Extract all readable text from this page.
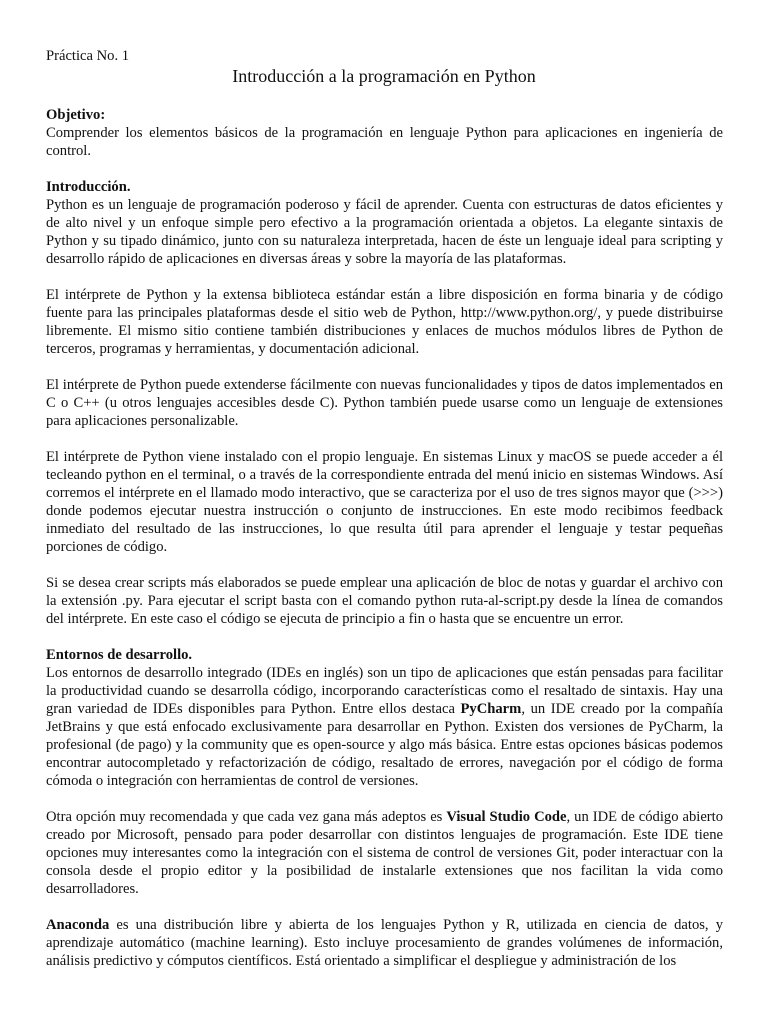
Práctica No. 1
Introducción a la programación en Python
Objetivo:

Comprender los elementos básicos de la programación en lenguaje Python para aplicaciones en ingeniería de control.

Introducción.

Python es un lenguaje de programación poderoso y fácil de aprender. Cuenta con estructuras de datos eficientes y de alto nivel y un enfoque simple pero efectivo a la programación orientada a objetos. La elegante sintaxis de Python y su tipado dinámico, junto con su naturaleza interpretada, hacen de éste un lenguaje ideal para scripting y desarrollo rápido de aplicaciones en diversas áreas y sobre la mayoría de las plataformas.

El intérprete de Python y la extensa biblioteca estándar están a libre disposición en forma binaria y de código fuente para las principales plataformas desde el sitio web de Python, http://www.python.org/, y puede distribuirse libremente. El mismo sitio contiene también distribuciones y enlaces de muchos módulos libres de Python de terceros, programas y herramientas, y documentación adicional.

El intérprete de Python puede extenderse fácilmente con nuevas funcionalidades y tipos de datos implementados en C o C++ (u otros lenguajes accesibles desde C). Python también puede usarse como un lenguaje de extensiones para aplicaciones personalizable.

El intérprete de Python viene instalado con el propio lenguaje. En sistemas Linux y macOS se puede acceder a él tecleando python en el terminal, o a través de la correspondiente entrada del menú inicio en sistemas Windows. Así corremos el intérprete en el llamado modo interactivo, que se caracteriza por el uso de tres signos mayor que (>>>) donde podemos ejecutar nuestra instrucción o conjunto de instrucciones. En este modo recibimos feedback inmediato del resultado de las instrucciones, lo que resulta útil para aprender el lenguaje y testar pequeñas porciones de código.

Si se desea crear scripts más elaborados se puede emplear una aplicación de bloc de notas y guardar el archivo con la extensión .py. Para ejecutar el script basta con el comando python ruta-al-script.py desde la línea de comandos del intérprete. En este caso el código se ejecuta de principio a fin o hasta que se encuentre un error.

Entornos de desarrollo.

Los entornos de desarrollo integrado (IDEs en inglés) son un tipo de aplicaciones que están pensadas para facilitar la productividad cuando se desarrolla código, incorporando características como el resaltado de sintaxis. Hay una gran variedad de IDEs disponibles para Python. Entre ellos destaca PyCharm, un IDE creado por la compañía JetBrains y que está enfocado exclusivamente para desarrollar en Python. Existen dos versiones de PyCharm, la profesional (de pago) y la community que es open-source y algo más básica. Entre estas opciones básicas podemos encontrar autocompletado y refactorización de código, resaltado de errores, navegación por el código de forma cómoda o integración con herramientas de control de versiones.

Otra opción muy recomendada y que cada vez gana más adeptos es Visual Studio Code, un IDE de código abierto creado por Microsoft, pensado para poder desarrollar con distintos lenguajes de programación. Este IDE tiene opciones muy interesantes como la integración con el sistema de control de versiones Git, poder interactuar con la consola desde el propio editor y la posibilidad de instalarle extensiones que nos facilitan la vida como desarrolladores.

Anaconda es una distribución libre y abierta de los lenguajes Python y R, utilizada en ciencia de datos, y aprendizaje automático (machine learning). Esto incluye procesamiento de grandes volúmenes de información, análisis predictivo y cómputos científicos. Está orientado a simplificar el despliegue y administración de los
